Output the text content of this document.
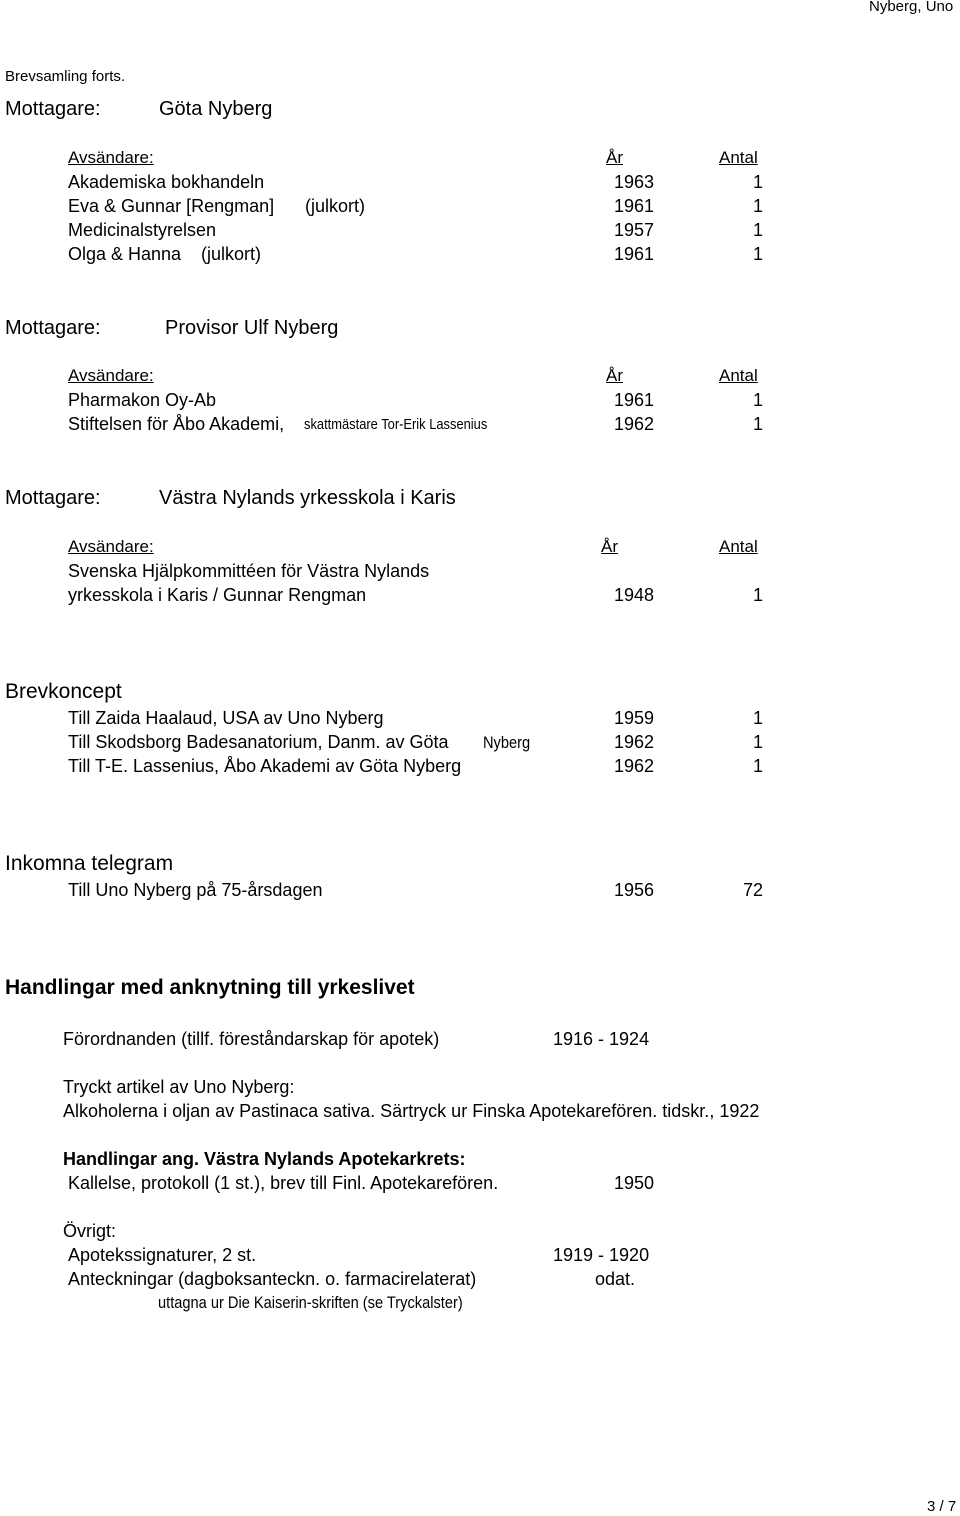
Nyberg, Uno
Brevsamling forts.
Mottagare:	Göta Nyberg
Avsändare:	År	Antal
Akademiska bokhandeln	1963	1
Eva & Gunnar [Rengman] (julkort)	1961	1
Medicinalstyrelsen	1957	1
Olga & Hanna (julkort)	1961	1
Mottagare:	Provisor Ulf Nyberg
Avsändare:	År	Antal
Pharmakon Oy-Ab	1961	1
Stiftelsen för Åbo Akademi, skattmästare Tor-Erik Lassenius	1962	1
Mottagare:	Västra Nylands yrkesskola i Karis
Avsändare:	År	Antal
Svenska Hjälpkommittéen för Västra Nylands
yrkesskola i Karis / Gunnar Rengman	1948	1
Brevkoncept
Till Zaida Haalaud, USA av Uno Nyberg	1959	1
Till Skodsborg Badesanatorium, Danm. av Göta Nyberg	1962	1
Till T-E. Lassenius, Åbo Akademi av Göta Nyberg	1962	1
Inkomna telegram
Till Uno Nyberg på 75-årsdagen	1956	72
Handlingar med anknytning till yrkeslivet
Förordnanden (tillf. föreståndarskap för apotek)	1916 - 1924
Tryckt artikel av Uno Nyberg:
Alkoholerna i oljan av Pastinaca sativa. Särtryck ur Finska Apotekarefören. tidskr., 1922
Handlingar ang. Västra Nylands Apotekarkrets:
Kallelse, protokoll (1 st.), brev till Finl. Apotekarefören.	1950
Övrigt:
Apotekssignaturer, 2 st.	1919 - 1920
Anteckningar (dagboksanteckn. o. farmacirelaterat)	odat.
uttagna ur Die Kaiserin-skriften (se Tryckalster)
3 / 7
